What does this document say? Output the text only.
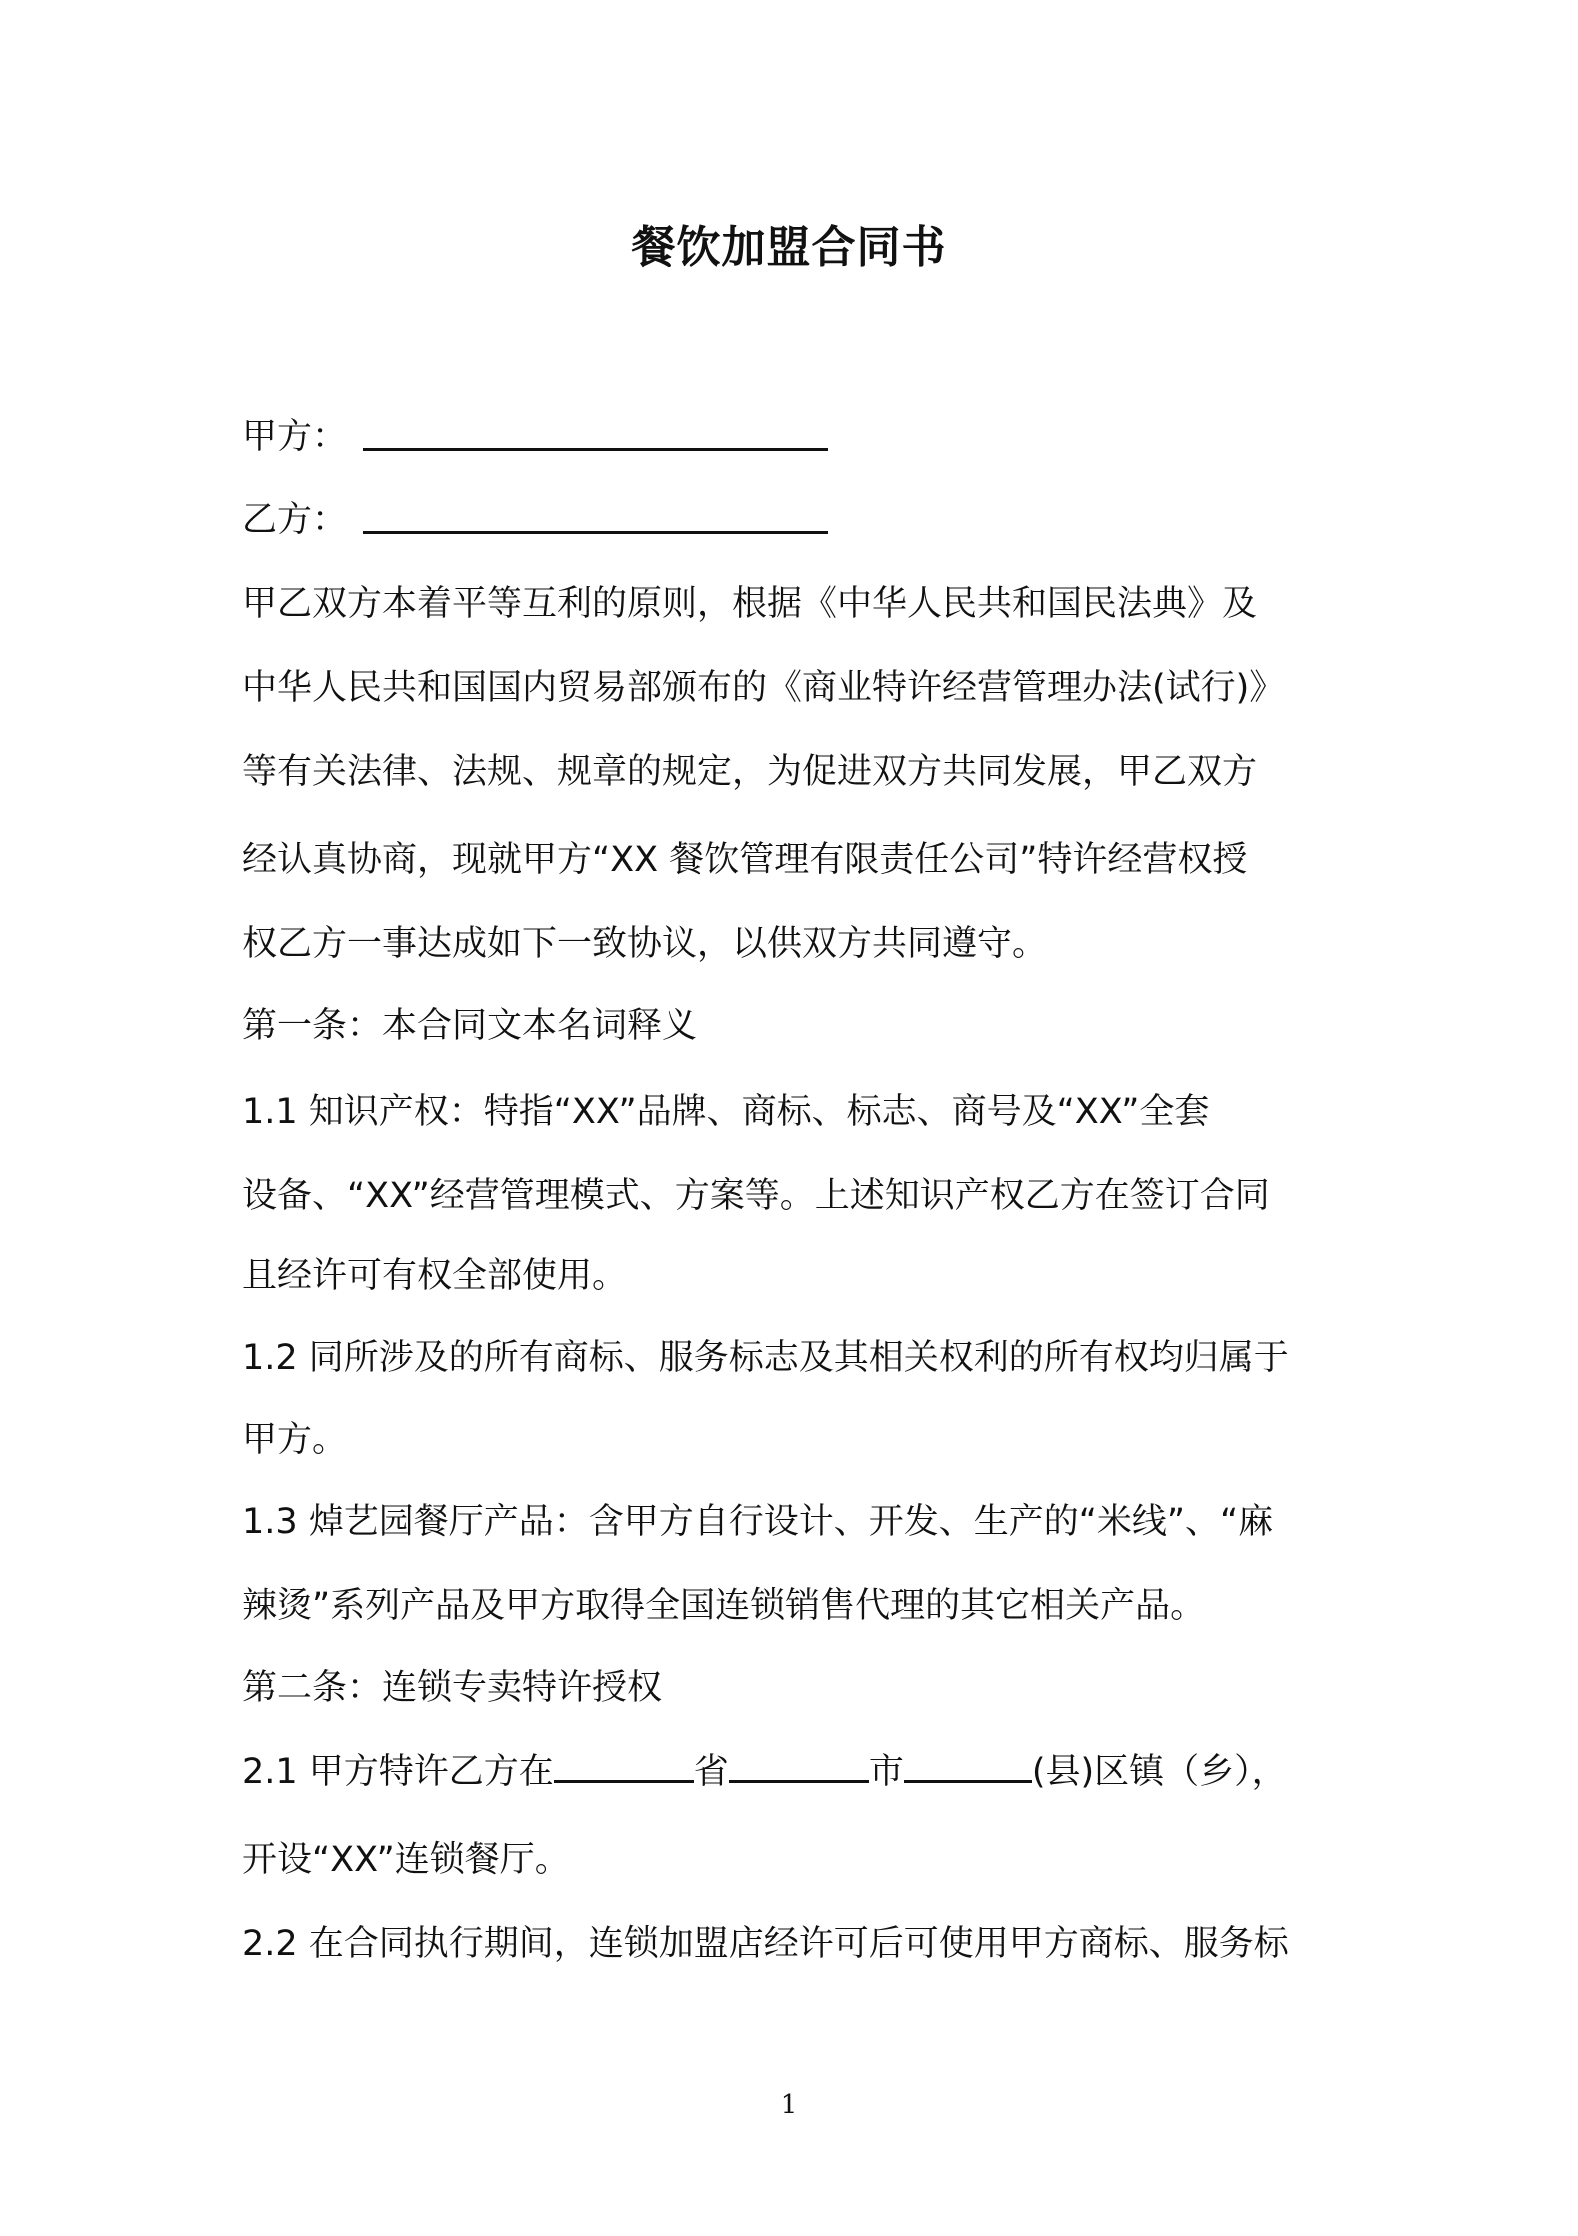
餐饮加盟合同书
甲方：
乙方：
甲乙双方本着平等互利的原则，根据《中华人民共和国民法典》及
中华人民共和国国内贸易部颁布的《商业特许经营管理办法(试行)》
等有关法律、法规、规章的规定，为促进双方共同发展，甲乙双方
经认真协商，现就甲方“XX 餐饮管理有限责任公司”特许经营权授
权乙方一事达成如下一致协议，以供双方共同遵守。
第一条：本合同文本名词释义
1.1 知识产权：特指“XX”品牌、商标、标志、商号及“XX”全套
设备、“XX”经营管理模式、方案等。上述知识产权乙方在签订合同
且经许可有权全部使用。
1.2 同所涉及的所有商标、服务标志及其相关权利的所有权均归属于
甲方。
1.3 焯艺园餐厅产品：含甲方自行设计、开发、生产的“米线”、“麻
辣烫”系列产品及甲方取得全国连锁销售代理的其它相关产品。
第二条：连锁专卖特许授权
2.1 甲方特许乙方在	省	市	(县)区镇（乡），
开设“XX”连锁餐厅。
2.2 在合同执行期间，连锁加盟店经许可后可使用甲方商标、服务标
1
